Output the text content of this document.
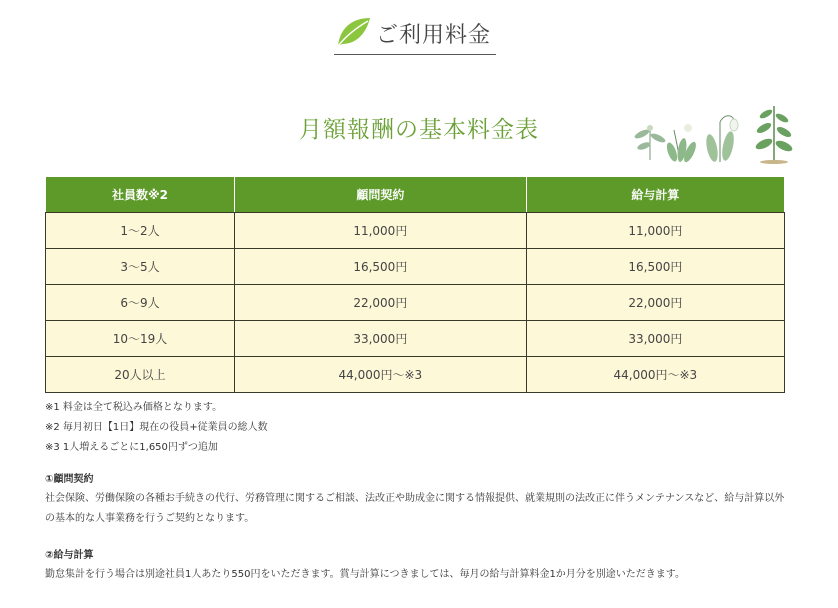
ご利用料金
月額報酬の基本料金表
社員数※2	顧問契約	給与計算
1〜2人	11,000円	11,000円
3〜5人	16,500円	16,500円
6〜9人	22,000円	22,000円
10〜19人	33,000円	33,000円
20人以上	44,000円〜※3	44,000円〜※3
※1 料金は全て税込み価格となります。
※2 毎月初日【1日】現在の役員+従業員の総人数
※3 1人増えるごとに1,650円ずつ追加
①顧問契約
社会保険、労働保険の各種お手続きの代行、労務管理に関するご相談、法改正や助成金に関する情報提供、就業規則の法改正に伴うメンテナンスなど、給与計算以外の基本的な人事業務を行うご契約となります。
②給与計算
勤怠集計を行う場合は別途社員1人あたり550円をいただきます。賞与計算につきましては、毎月の給与計算料金1か月分を別途いただきます。
